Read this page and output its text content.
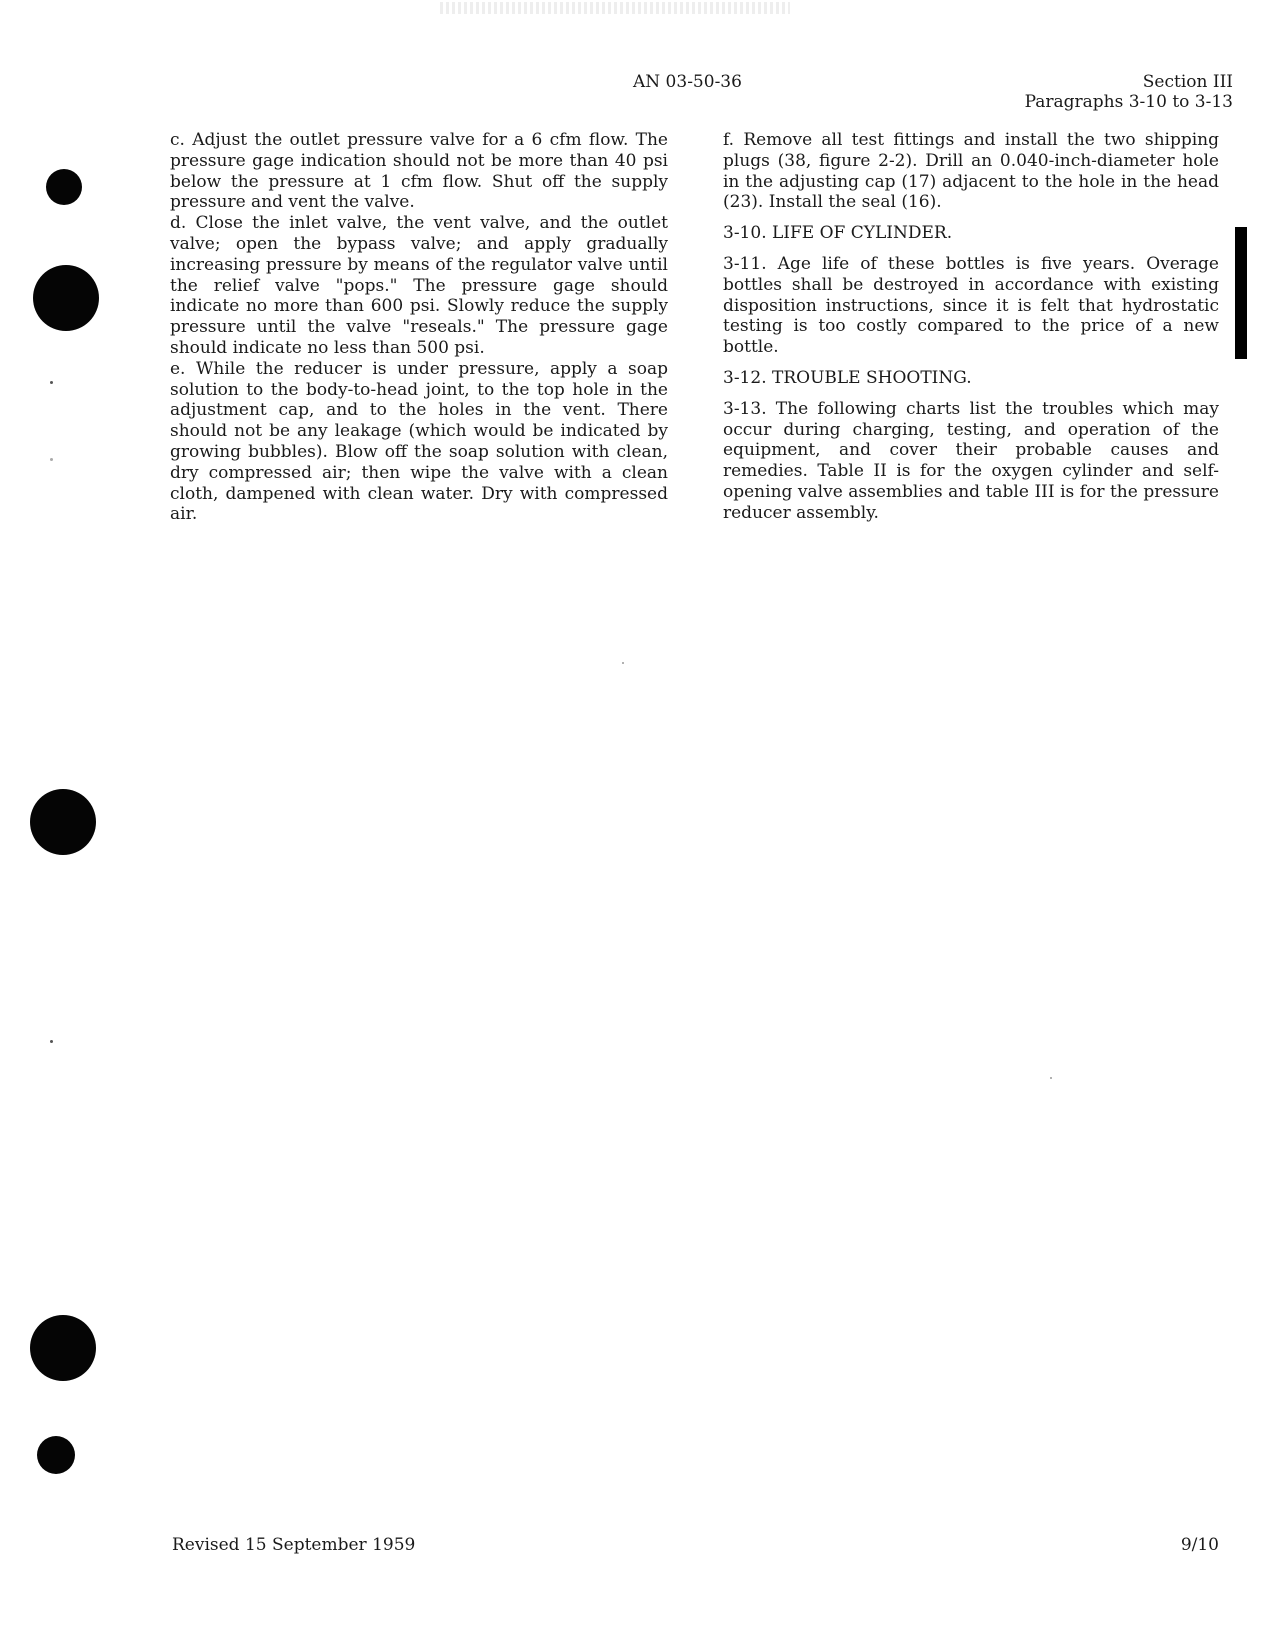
AN 03-50-36	Section III
Paragraphs 3-10 to 3-13

c. Adjust the outlet pressure valve for a 6 cfm flow. The pressure gage indication should not be more than 40 psi below the pressure at 1 cfm flow. Shut off the supply pressure and vent the valve.

d. Close the inlet valve, the vent valve, and the outlet valve; open the bypass valve; and apply gradually increasing pressure by means of the regulator valve until the relief valve "pops." The pressure gage should indicate no more than 600 psi. Slowly reduce the supply pressure until the valve "reseals." The pressure gage should indicate no less than 500 psi.

e. While the reducer is under pressure, apply a soap solution to the body-to-head joint, to the top hole in the adjustment cap, and to the holes in the vent. There should not be any leakage (which would be indicated by growing bubbles). Blow off the soap solution with clean, dry compressed air; then wipe the valve with a clean cloth, dampened with clean water. Dry with compressed air.

f. Remove all test fittings and install the two shipping plugs (38, figure 2-2). Drill an 0.040-inch-diameter hole in the adjusting cap (17) adjacent to the hole in the head (23). Install the seal (16).

3-10. LIFE OF CYLINDER.

3-11. Age life of these bottles is five years. Overage bottles shall be destroyed in accordance with existing disposition instructions, since it is felt that hydrostatic testing is too costly compared to the price of a new bottle.

3-12. TROUBLE SHOOTING.

3-13. The following charts list the troubles which may occur during charging, testing, and operation of the equipment, and cover their probable causes and remedies. Table II is for the oxygen cylinder and self-opening valve assemblies and table III is for the pressure reducer assembly.

Revised 15 September 1959	9/10
